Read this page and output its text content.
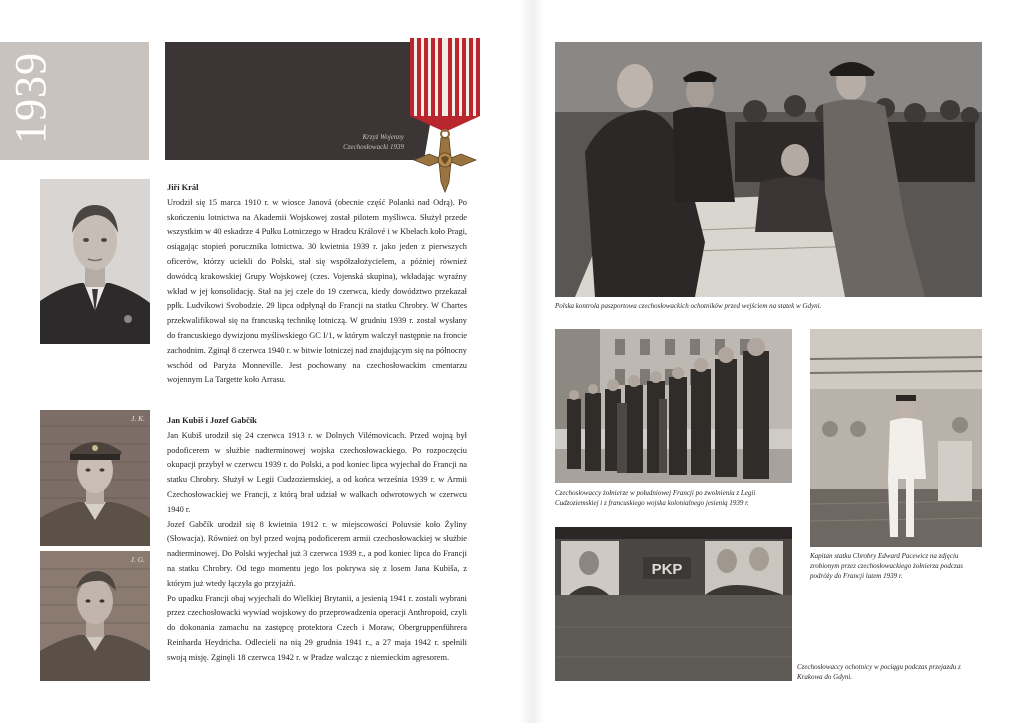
1939	Krzyż Wojenny
Czechosłowacki 1939

Jiří Král

Urodził się 15 marca 1910 r. w wiosce Janová (obecnie część Polanki nad Odrą). Po skończeniu lotnictwa na Akademii Wojskowej został pilotem myśliwca. Służył przede wszystkim w 40 eskadrze 4 Pułku Lotniczego w Hradcu Králové i w Kbełach koło Pragi, osiągając stopień porucznika lotnictwa. 30 kwietnia 1939 r. jako jeden z pierwszych oficerów, którzy uciekli do Polski, stał się współzałożycielem, a później również dowódcą krakowskiej Grupy Wojskowej (czes. Vojenská skupina), wkładając wyraźny wkład w jej konsolidację. Stał na jej czele do 19 czerwca, kiedy dowództwo przekazał ppłk. Ludvíkowi Svobodzie. 29 lipca odpłynął do Francji na statku Chrobry. W Chartes przekwalifikował się na francuską technikę lotniczą. W grudniu 1939 r. został wysłany do francuskiego dywizjonu myśliwskiego GC I/1, w którym walczył następnie na froncie zachodnim. Zginął 8 czerwca 1940 r. w bitwie lotniczej nad znajdującym się na północny wschód od Paryża Monneville. Jest pochowany na czechosłowackim cmentarzu wojennym La Targette koło Arrasu.

J. K.
J. G.

Jan Kubiš i Jozef Gabčík

Jan Kubiš urodził się 24 czerwca 1913 r. w Dolnych Vilémovicach. Przed wojną był podoficerem w służbie nadterminowej wojska czechosłowackiego. Po rozpoczęciu okupacji przybył w czerwcu 1939 r. do Polski, a pod koniec lipca wyjechał do Francji na statku Chrobry. Służył w Legii Cudzoziemskiej, a od końca września 1939 r. w Armii Czechosłowackiej we Francji, z którą brał udział w walkach odwrotowych w czerwcu 1940 r.

Jozef Gabčík urodził się 8 kwietnia 1912 r. w miejscowości Poluvsie koło Żyliny (Słowacja). Również on był przed wojną podoficerem armii czechosłowackiej w służbie nadterminowej. Do Polski wyjechał już 3 czerwca 1939 r., a pod koniec lipca do Francji na statku Chrobry. Od tego momentu jego los pokrywa się z losem Jana Kubiša, z którym już wtedy łączyła go przyjaźń.

Po upadku Francji obaj wyjechali do Wielkiej Brytanii, a jesienią 1941 r. zostali wybrani przez czechosłowacki wywiad wojskowy do przeprowadzenia operacji Anthropoid, czyli do dokonania zamachu na zastępcę protektora Czech i Moraw, Obergruppenführera Reinharda Heydricha. Odlecieli na nią 29 grudnia 1941 r., a 27 maja 1942 r. spełnili swoją misję. Zginęli 18 czerwca 1942 r. w Pradze walcząc z niemieckim agresorem.

Polska kontrola paszportowa czechosłowackich ochotników przed wejściem na statek w Gdyni.
Czechosłowaccy żołnierze w południowej Francji po zwolnieniu z Legii Cudzoziemskiej i z francuskiego wojska kolonialnego jesienią 1939 r.
Kapitan statku Chrobry Edward Pacewicz na zdjęciu zrobionym przez czechosłowackiego żołnierza podczas podróży do Francji latem 1939 r.
PKP
Czechosłowaccy ochotnicy w pociągu podczas przejazdu z Krakowa do Gdyni.
